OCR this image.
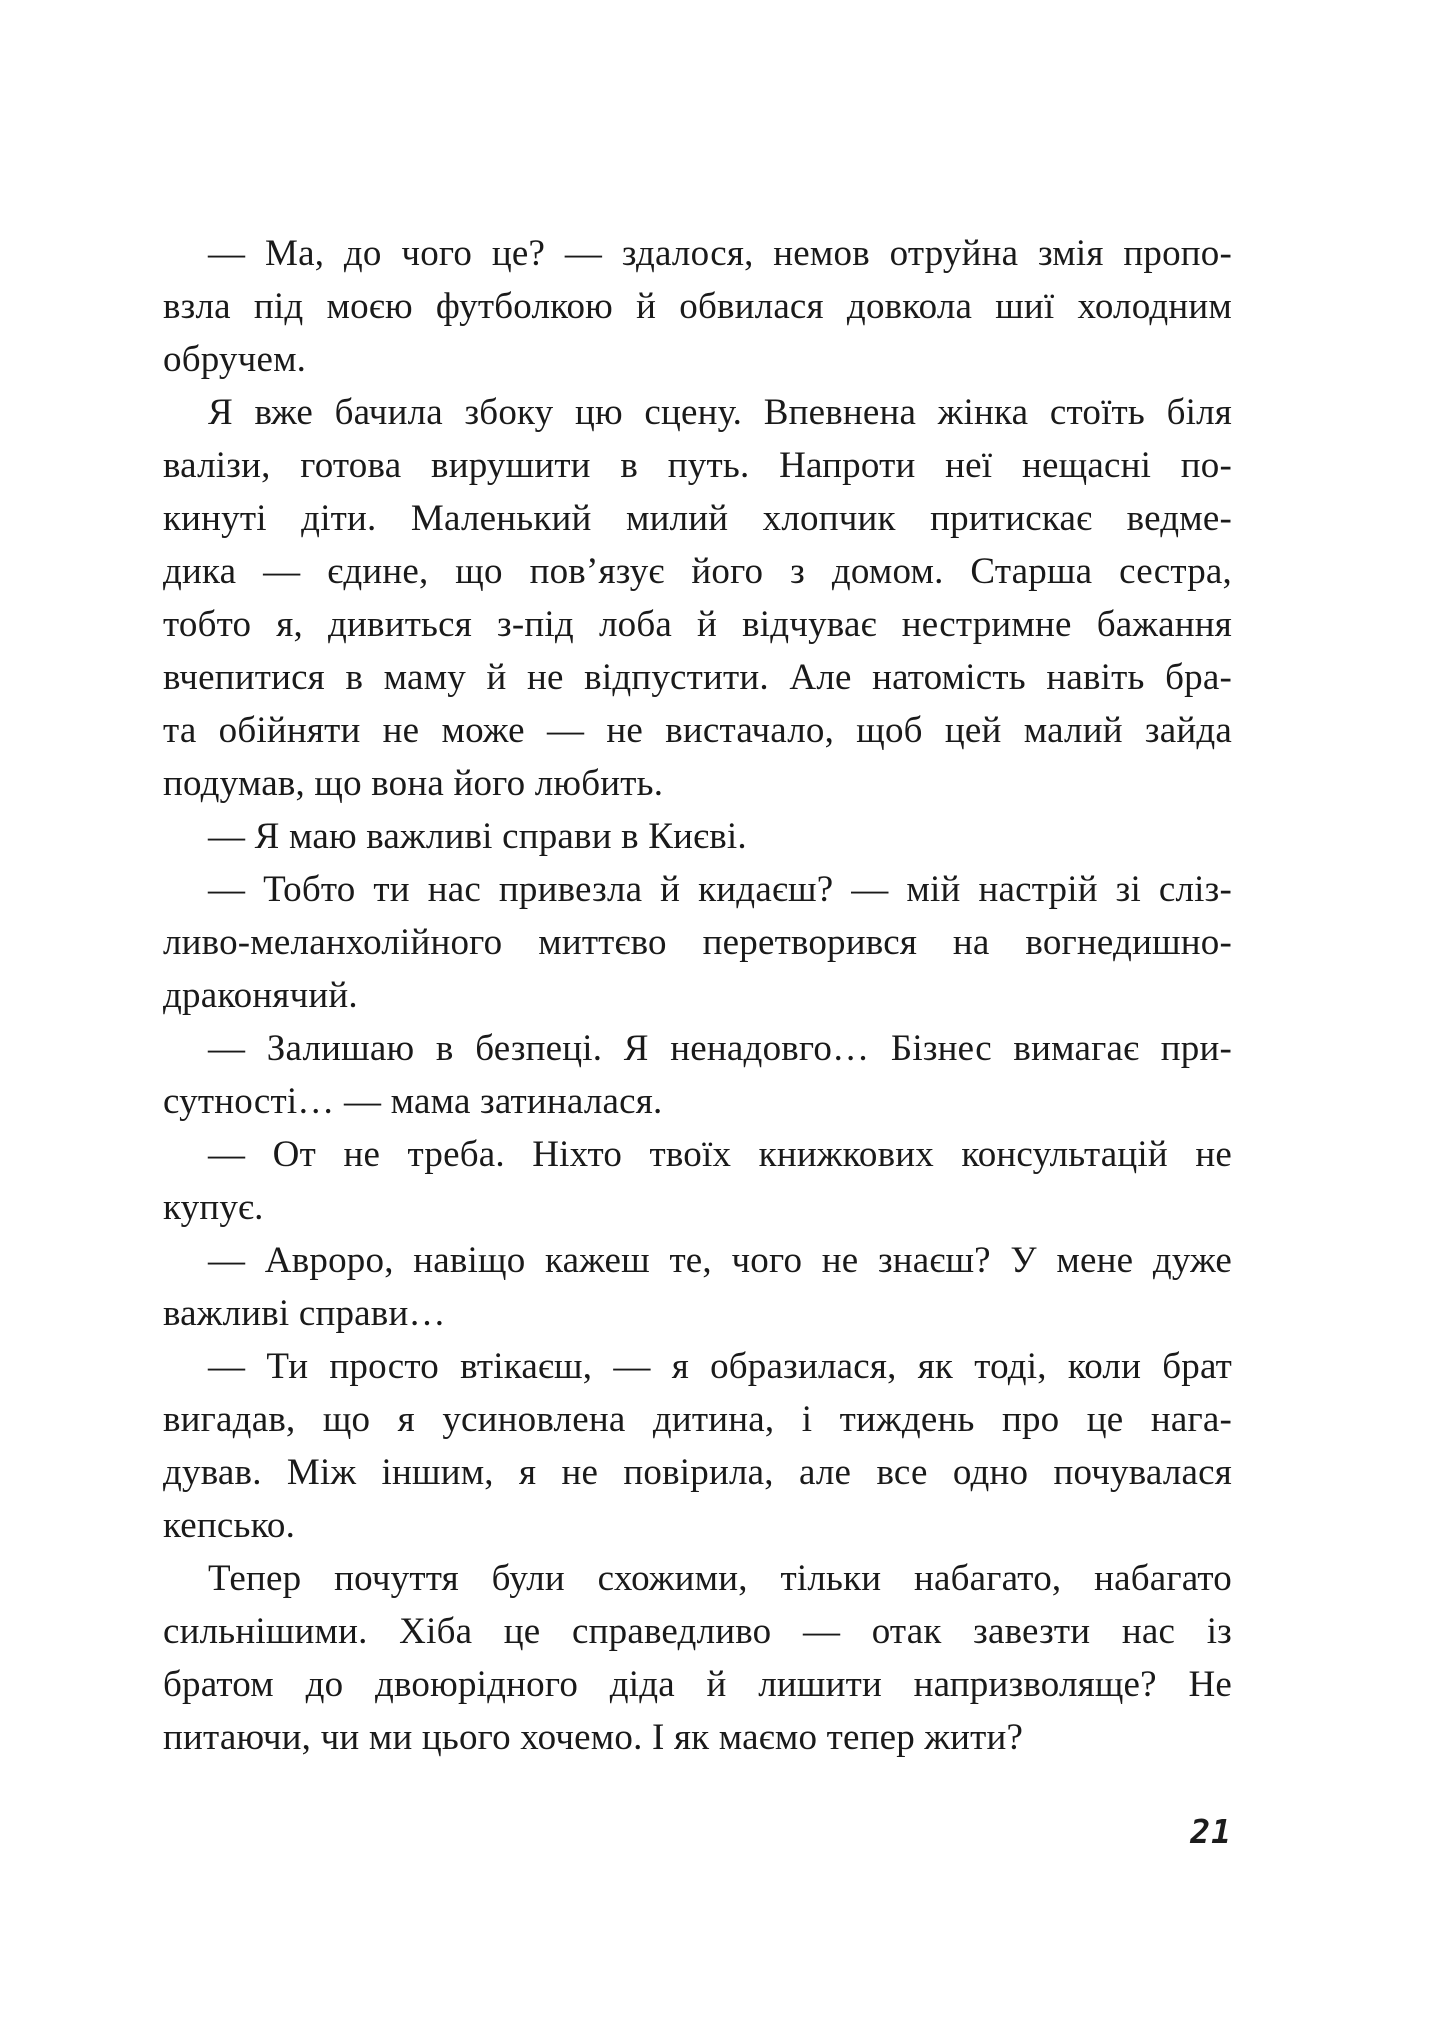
— Ма, до чого це? — здалося, немов отруйна змія пропо-
взла під моєю футболкою й обвилася довкола шиї холодним
обручем.
Я вже бачила збоку цю сцену. Впевнена жінка стоїть біля
валізи, готова вирушити в путь. Напроти неї нещасні по-
кинуті діти. Маленький милий хлопчик притискає ведме-
дика — єдине, що пов’язує його з домом. Старша сестра,
тобто я, дивиться з-під лоба й відчуває нестримне бажання
вчепитися в маму й не відпустити. Але натомість навіть бра-
та обійняти не може — не вистачало, щоб цей малий зайда
подумав, що вона його любить.
— Я маю важливі справи в Києві.
— Тобто ти нас привезла й кидаєш? — мій настрій зі сліз-
ливо-меланхолійного миттєво перетворився на вогнедишно-
драконячий.
— Залишаю в безпеці. Я ненадовго… Бізнес вимагає при-
сутності… — мама затиналася.
— От не треба. Ніхто твоїх книжкових консультацій не
купує.
— Авроро, навіщо кажеш те, чого не знаєш? У мене дуже
важливі справи…
— Ти просто втікаєш, — я образилася, як тоді, коли брат
вигадав, що я усиновлена дитина, і тиждень про це нага-
дував. Між іншим, я не повірила, але все одно почувалася
кепсько.
Тепер почуття були схожими, тільки набагато, набагато
сильнішими. Хіба це справедливо — отак завезти нас із
братом до двоюрідного діда й лишити напризволяще? Не
питаючи, чи ми цього хочемо. І як маємо тепер жити?
21
